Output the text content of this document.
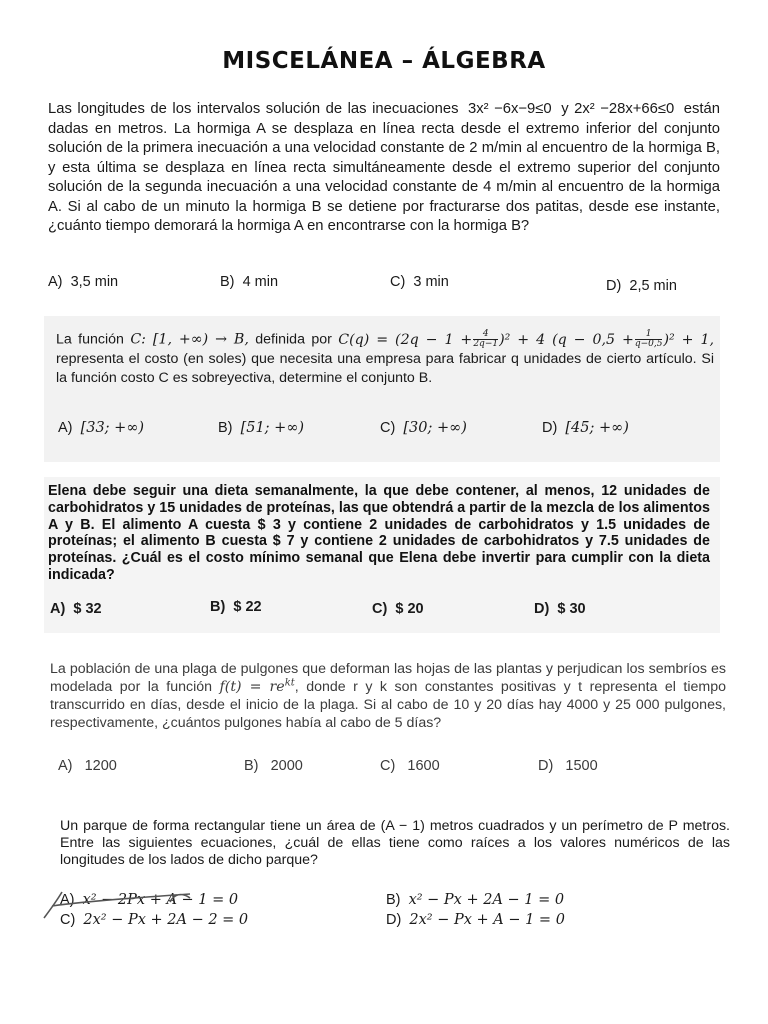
MISCELÁNEA – ÁLGEBRA

Las longitudes de los intervalos solución de las inecuaciones 3x² −6x−9≤0 y 2x² −28x+66≤0 están dadas en metros. La hormiga A se desplaza en línea recta desde el extremo inferior del conjunto solución de la primera inecuación a una velocidad constante de 2 m/min al encuentro de la hormiga B, y esta última se desplaza en línea recta simultáneamente desde el extremo superior del conjunto solución de la segunda inecuación a una velocidad constante de 4 m/min al encuentro de la hormiga A. Si al cabo de un minuto la hormiga B se detiene por fracturarse dos patitas, desde ese instante, ¿cuánto tiempo demorará la hormiga A en encontrarse con la hormiga B?

A) 3,5 min	B) 4 min	C) 3 min	D) 2,5 min

La función C: [1, +∞) → B, definida por $C(q) = (2q - 1 + \frac{4}{2q-1} )^2 + 4$ $(q - 0,5 + \frac{1}{q-0,5} )^2 + 1$, representa el costo (en soles) que necesita una empresa para fabricar q unidades de cierto artículo. Si la función costo C es sobreyectiva, determine el conjunto B.

A) [33; +∞)	B) [51; +∞)	C) [30; +∞)	D) [45; +∞)

Elena debe seguir una dieta semanalmente, la que debe contener, al menos, 12 unidades de carbohidratos y 15 unidades de proteínas, las que obtendrá a partir de la mezcla de los alimentos A y B. El alimento A cuesta $ 3 y contiene 2 unidades de carbohidratos y 1.5 unidades de proteínas; el alimento B cuesta $ 7 y contiene 2 unidades de carbohidratos y 7.5 unidades de proteínas. ¿Cuál es el costo mínimo semanal que Elena debe invertir para cumplir con la dieta indicada?

A) $ 32	B) $ 22	C) $ 20	D) $ 30

La población de una plaga de pulgones que deforman las hojas de las plantas y perjudican los sembríos es modelada por la función $f(t) = re^{kt}$, donde r y k son constantes positivas y t representa el tiempo transcurrido en días, desde el inicio de la plaga. Si al cabo de 10 y 20 días hay 4000 y 25 000 pulgones, respectivamente, ¿cuántos pulgones había al cabo de 5 días?

A) 1200	B) 2000	C) 1600	D) 1500

Un parque de forma rectangular tiene un área de (A − 1) metros cuadrados y un perímetro de P metros. Entre las siguientes ecuaciones, ¿cuál de ellas tiene como raíces a los valores numéricos de las longitudes de los lados de dicho parque?

A) x² − 2Px + A − 1 = 0	B) x² − Px + 2A − 1 = 0
C) 2x² − Px + 2A − 2 = 0	D) 2x² − Px + A − 1 = 0
